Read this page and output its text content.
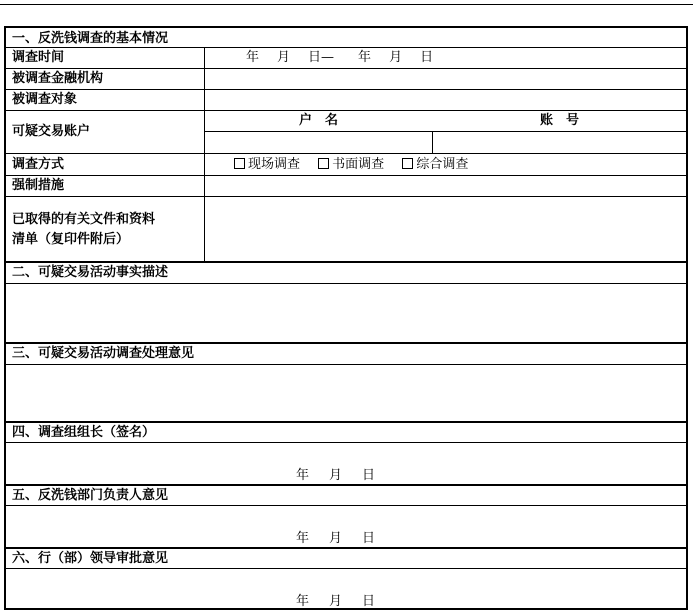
一、反洗钱调查的基本情况
调查时间	年 月 日— 年 月 日
被调查金融机构
被调查对象
可疑交易账户
户　名	账　号
调查方式	现场调查 书面调查 综合调查
强制措施
已取得的有关文件和资料
清单（复印件附后）
二、可疑交易活动事实描述
三、可疑交易活动调查处理意见
四、调查组组长（签名）
年 月 日
五、反洗钱部门负责人意见
年 月 日
六、行（部）领导审批意见
年 月 日
